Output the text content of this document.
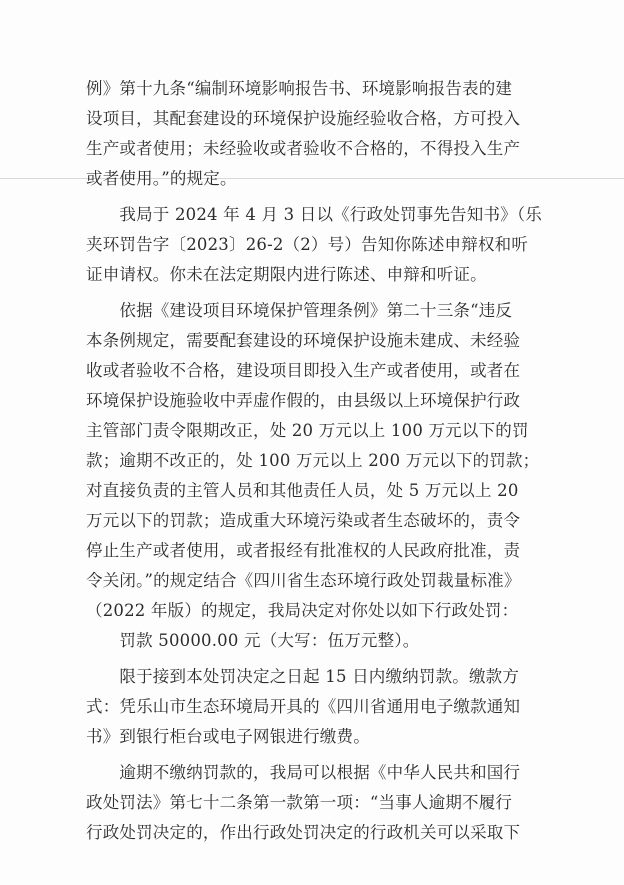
例》第十九条“编制环境影响报告书、环境影响报告表的建
设项目，其配套建设的环境保护设施经验收合格，方可投入
生产或者使用；未经验收或者验收不合格的，不得投入生产
或者使用。”的规定。
　　我局于 2024 年 4 月 3 日以《行政处罚事先告知书》（乐
夹环罚告字〔2023〕26-2（2）号）告知你陈述申辩权和听
证申请权。你未在法定期限内进行陈述、申辩和听证。
　　依据《建设项目环境保护管理条例》第二十三条“违反
本条例规定，需要配套建设的环境保护设施未建成、未经验
收或者验收不合格，建设项目即投入生产或者使用，或者在
环境保护设施验收中弄虚作假的，由县级以上环境保护行政
主管部门责令限期改正，处 20 万元以上 100 万元以下的罚
款；逾期不改正的，处 100 万元以上 200 万元以下的罚款；
对直接负责的主管人员和其他责任人员，处 5 万元以上 20
万元以下的罚款；造成重大环境污染或者生态破坏的，责令
停止生产或者使用，或者报经有批准权的人民政府批准，责
令关闭。”的规定结合《四川省生态环境行政处罚裁量标准》
（2022 年版）的规定，我局决定对你处以如下行政处罚：
　　罚款 50000.00 元（大写：伍万元整）。
　　限于接到本处罚决定之日起 15 日内缴纳罚款。缴款方
式：凭乐山市生态环境局开具的《四川省通用电子缴款通知
书》到银行柜台或电子网银进行缴费。
　　逾期不缴纳罚款的，我局可以根据《中华人民共和国行
政处罚法》第七十二条第一款第一项：“当事人逾期不履行
行政处罚决定的，作出行政处罚决定的行政机关可以采取下
